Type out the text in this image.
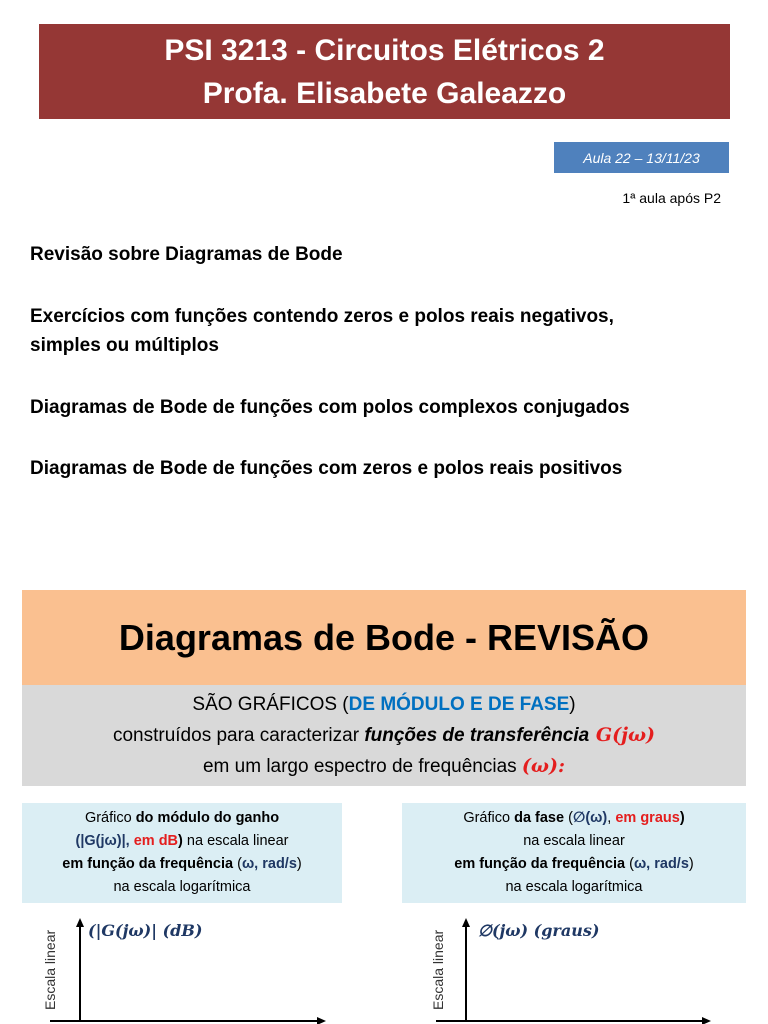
PSI 3213 - Circuitos Elétricos 2
Profa. Elisabete Galeazzo
Aula 22 – 13/11/23
1ª aula após P2
Revisão sobre Diagramas de Bode
Exercícios com funções contendo zeros e polos reais negativos,
simples ou múltiplos
Diagramas de Bode de funções com polos complexos conjugados
Diagramas de Bode de funções com zeros e polos reais positivos
Diagramas de Bode - REVISÃO
SÃO GRÁFICOS (DE MÓDULO E DE FASE)
construídos para caracterizar funções de transferência G(jω)
em um largo espectro de frequências (ω):
Gráfico do módulo do ganho
(|G(jω)|, em dB) na escala linear
em função da frequência (ω, rad/s)
na escala logarítmica
Gráfico da fase (∅(ω), em graus)
na escala linear
em função da frequência (ω, rad/s)
na escala logarítmica
Escala linear (|G(jω)| (dB)	Escala linear ∅(jω) (graus)
